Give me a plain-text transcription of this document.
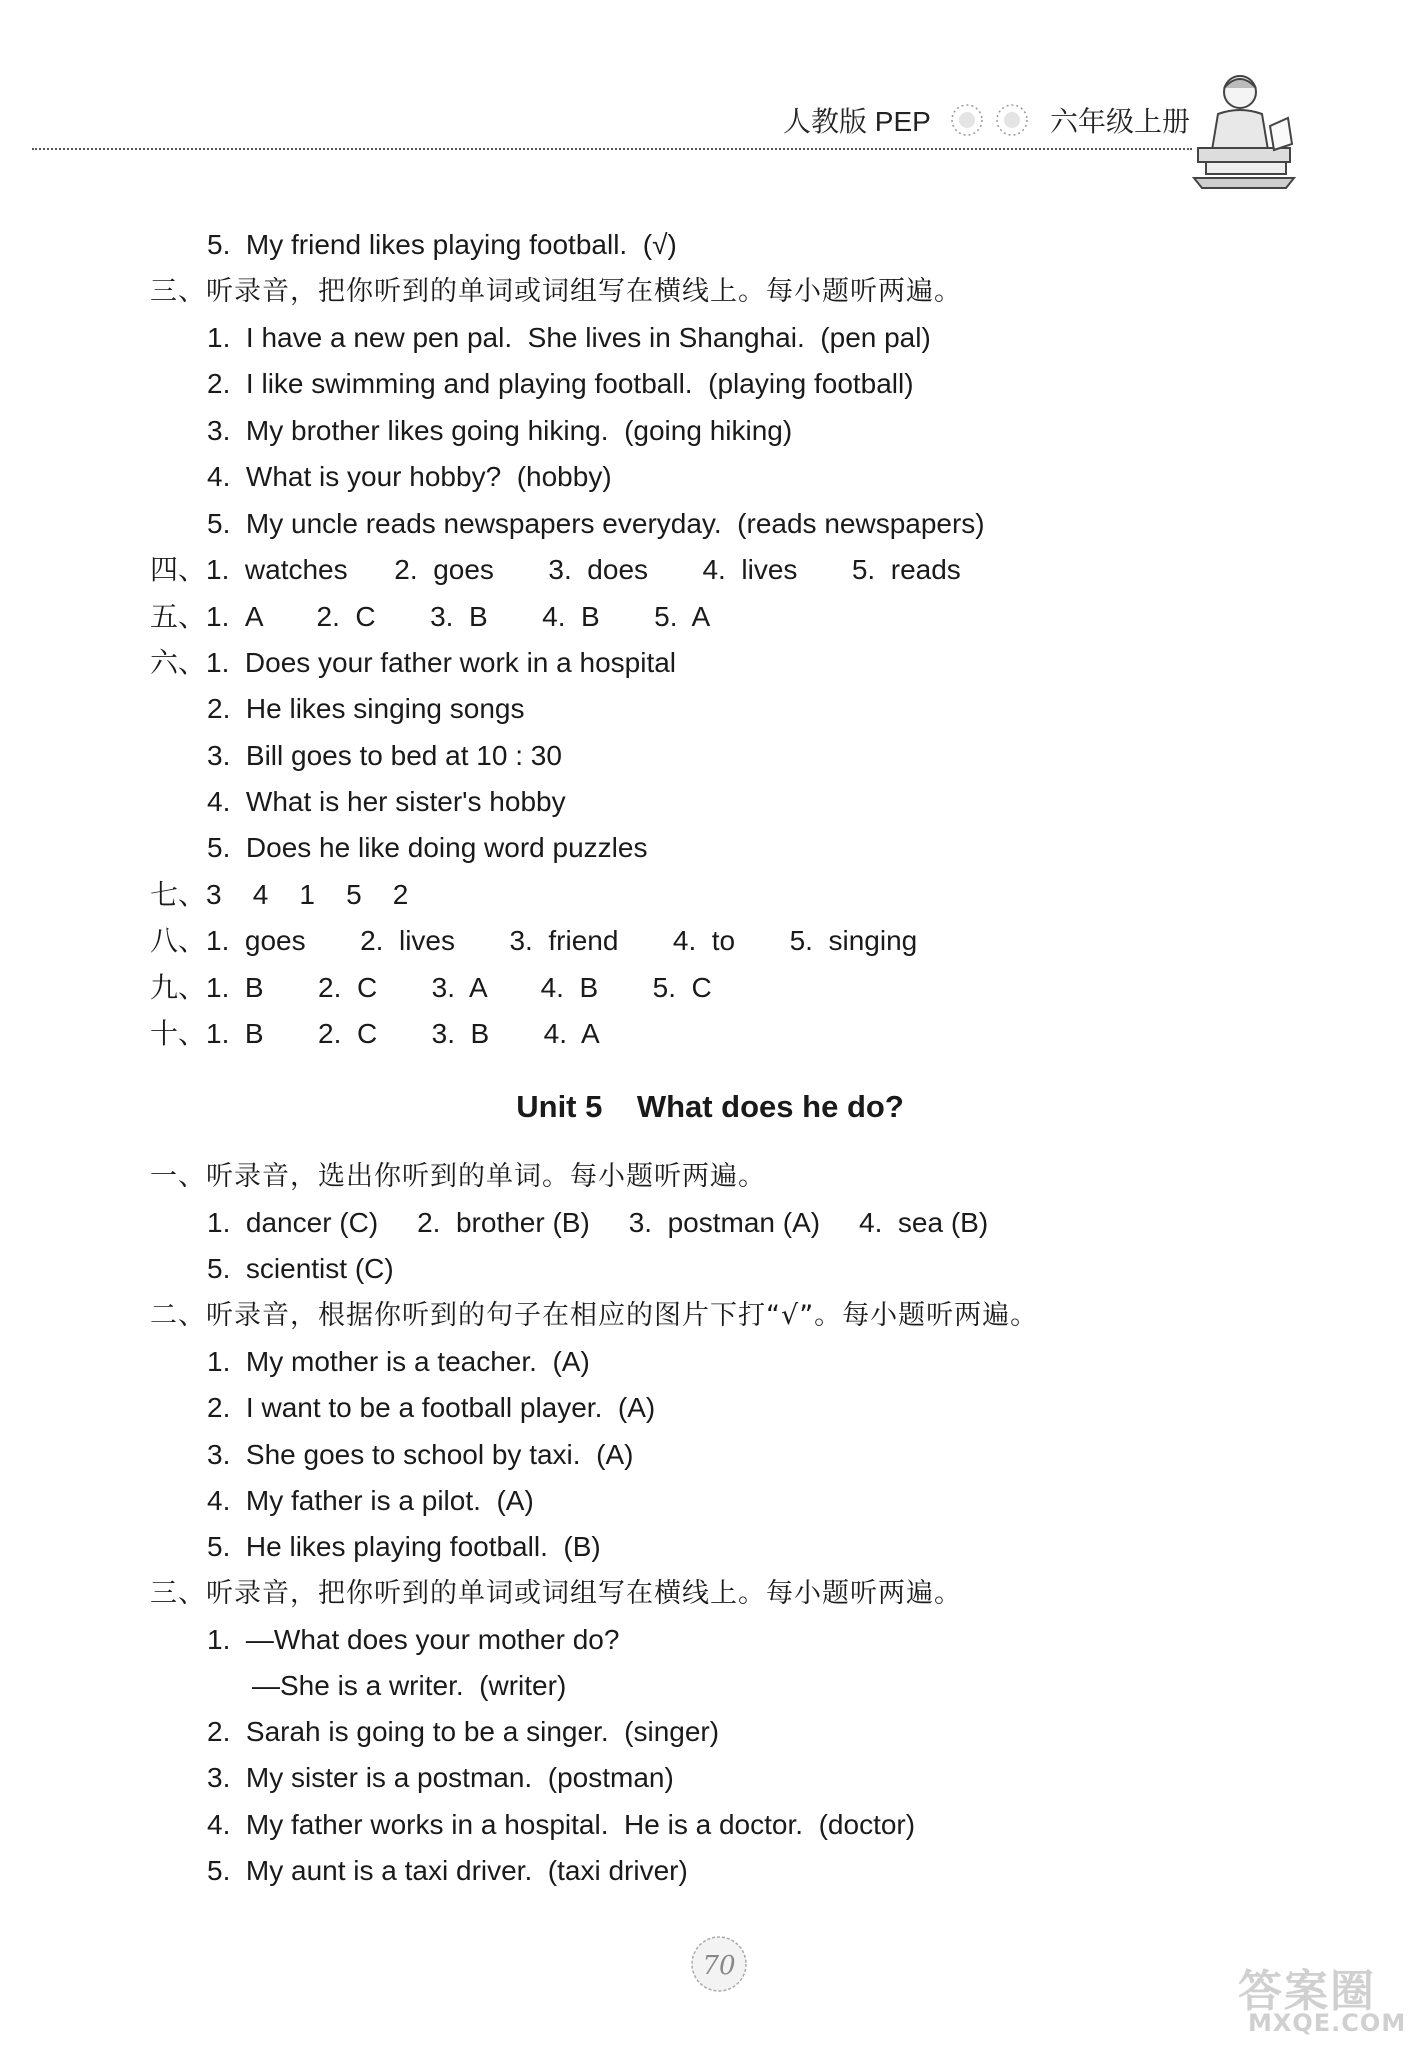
人教版 PEP	六年级上册
5.  My friend likes playing football.  (√)
三、听录音，把你听到的单词或词组写在横线上。每小题听两遍。
1.  I have a new pen pal.  She lives in Shanghai.  (pen pal)
2.  I like swimming and playing football.  (playing football)
3.  My brother likes going hiking.  (going hiking)
4.  What is your hobby?  (hobby)
5.  My uncle reads newspapers everyday.  (reads newspapers)
四、1.  watches      2.  goes       3.  does       4.  lives       5.  reads
五、1.  A       2.  C       3.  B       4.  B       5.  A
六、1.  Does your father work in a hospital
2.  He likes singing songs
3.  Bill goes to bed at 10 : 30
4.  What is her sister's hobby
5.  Does he like doing word puzzles
七、3    4    1    5    2
八、1.  goes       2.  lives       3.  friend       4.  to       5.  singing
九、1.  B       2.  C       3.  A       4.  B       5.  C
十、1.  B       2.  C       3.  B       4.  A
Unit 5    What does he do?
一、听录音，选出你听到的单词。每小题听两遍。
1.  dancer (C)     2.  brother (B)     3.  postman (A)     4.  sea (B)
5.  scientist (C)
二、听录音，根据你听到的句子在相应的图片下打“√”。每小题听两遍。
1.  My mother is a teacher.  (A)
2.  I want to be a football player.  (A)
3.  She goes to school by taxi.  (A)
4.  My father is a pilot.  (A)
5.  He likes playing football.  (B)
三、听录音，把你听到的单词或词组写在横线上。每小题听两遍。
1.  —What does your mother do?
—She is a writer.  (writer)
2.  Sarah is going to be a singer.  (singer)
3.  My sister is a postman.  (postman)
4.  My father works in a hospital.  He is a doctor.  (doctor)
5.  My aunt is a taxi driver.  (taxi driver)
70	答案圈
MXQE.COM
